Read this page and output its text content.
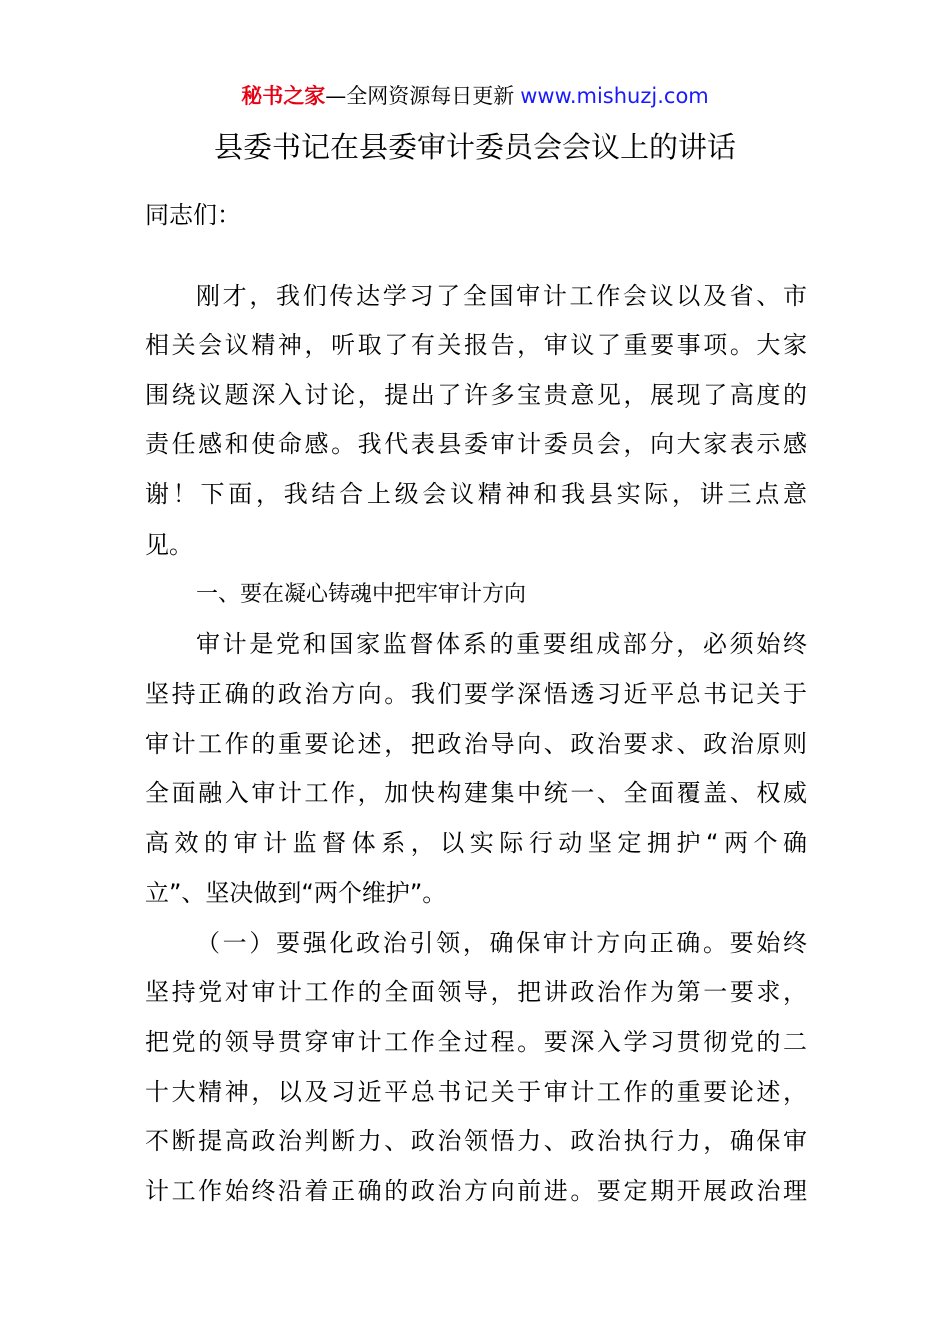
秘书之家—全网资源每日更新 www.mishuzj.com
县委书记在县委审计委员会会议上的讲话
同志们：
刚才，我们传达学习了全国审计工作会议以及省、市
相关会议精神，听取了有关报告，审议了重要事项。大家
围绕议题深入讨论，提出了许多宝贵意见，展现了高度的
责任感和使命感。我代表县委审计委员会，向大家表示感
谢！下面，我结合上级会议精神和我县实际，讲三点意
见。
一、要在凝心铸魂中把牢审计方向
审计是党和国家监督体系的重要组成部分，必须始终
坚持正确的政治方向。我们要学深悟透习近平总书记关于
审计工作的重要论述，把政治导向、政治要求、政治原则
全面融入审计工作，加快构建集中统一、全面覆盖、权威
高效的审计监督体系，以实际行动坚定拥护“两个确
立”、坚决做到“两个维护”。
（一）要强化政治引领，确保审计方向正确。要始终
坚持党对审计工作的全面领导，把讲政治作为第一要求，
把党的领导贯穿审计工作全过程。要深入学习贯彻党的二
十大精神，以及习近平总书记关于审计工作的重要论述，
不断提高政治判断力、政治领悟力、政治执行力，确保审
计工作始终沿着正确的政治方向前进。要定期开展政治理
